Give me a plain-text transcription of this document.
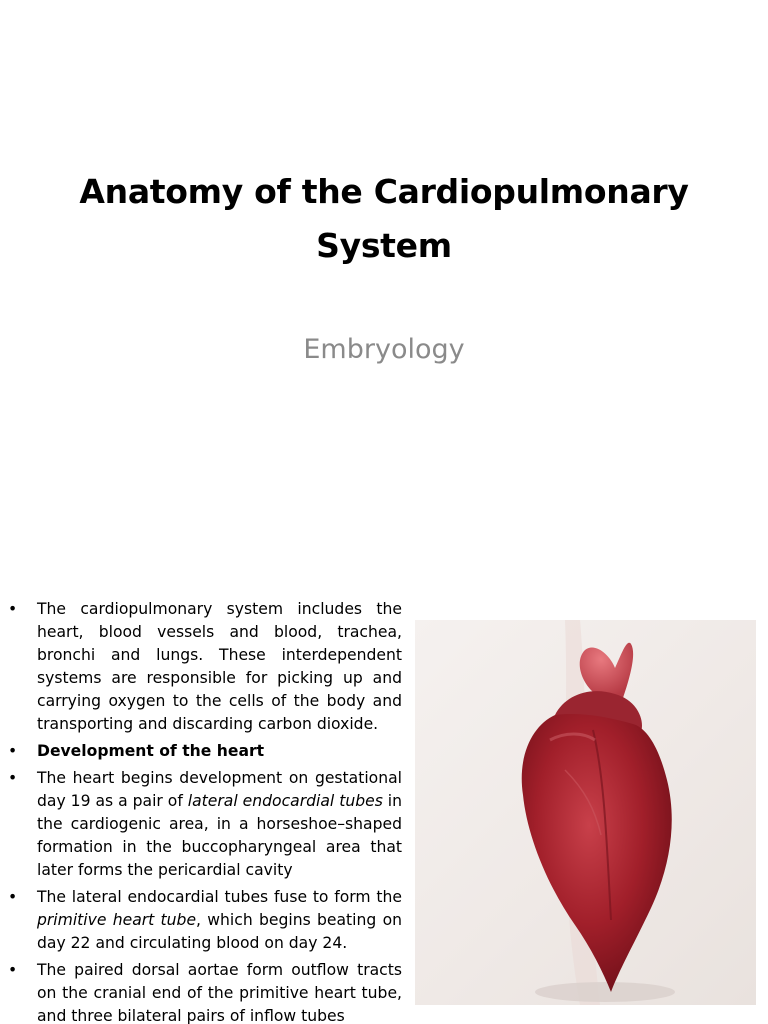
Anatomy of the Cardiopulmonary System
Embryology
• The cardiopulmonary system includes the heart, blood vessels and blood, trachea, bronchi and lungs. These interdependent systems are responsible for picking up and carrying oxygen to the cells of the body and transporting and discarding carbon dioxide.
• Development of the heart
• The heart begins development on gestational day 19 as a pair of lateral endocardial tubes in the cardiogenic area, in a horseshoe–shaped formation in the buccopharyngeal area that later forms the pericardial cavity
• The lateral endocardial tubes fuse to form the primitive heart tube, which begins beating on day 22 and circulating blood on day 24.
• The paired dorsal aortae form outflow tracts on the cranial end of the primitive heart tube, and three bilateral pairs of inflow tubes
